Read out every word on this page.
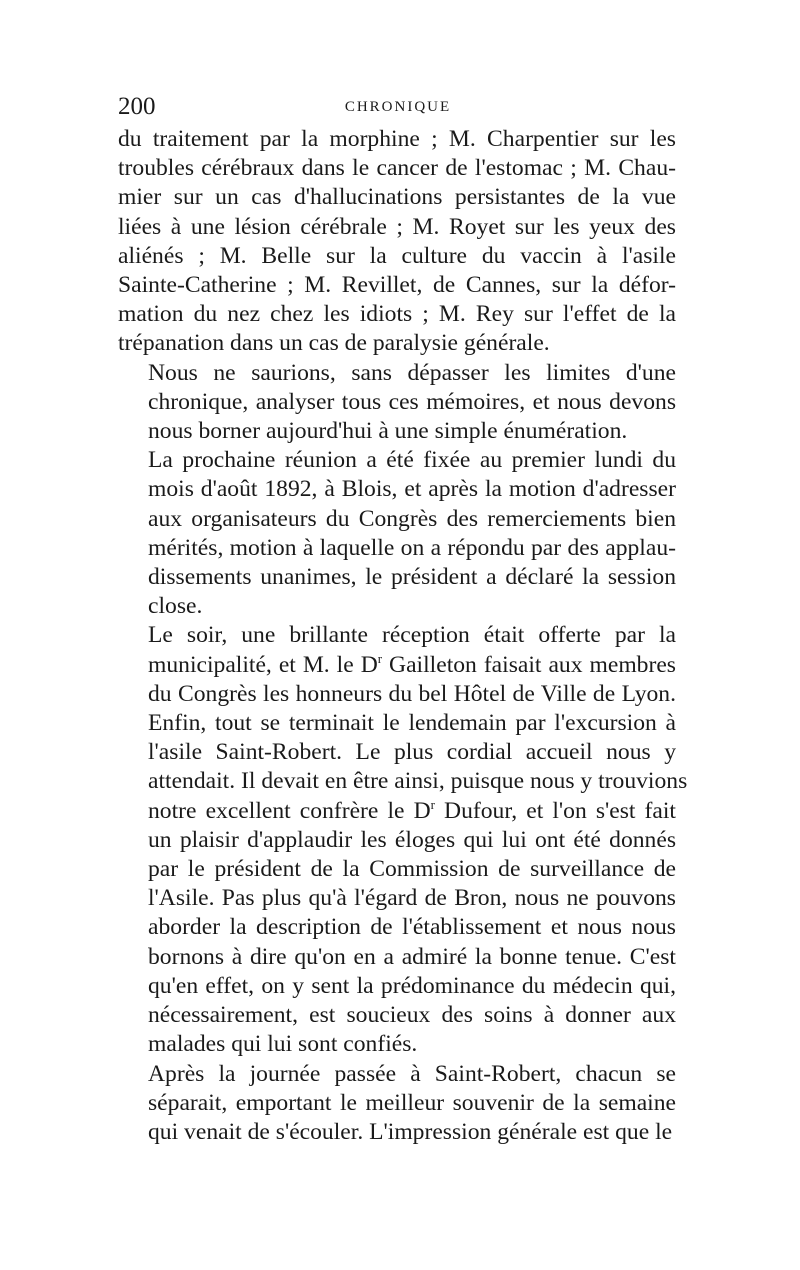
200	CHRONIQUE
du traitement par la morphine ; M. Charpentier sur les
troubles cérébraux dans le cancer de l'estomac ; M. Chau-
mier sur un cas d'hallucinations persistantes de la vue
liées à une lésion cérébrale ; M. Royet sur les yeux des
aliénés ; M. Belle sur la culture du vaccin à l'asile
Sainte-Catherine ; M. Revillet, de Cannes, sur la défor-
mation du nez chez les idiots ; M. Rey sur l'effet de la
trépanation dans un cas de paralysie générale.
Nous ne saurions, sans dépasser les limites d'une
chronique, analyser tous ces mémoires, et nous devons
nous borner aujourd'hui à une simple énumération.
La prochaine réunion a été fixée au premier lundi du
mois d'août 1892, à Blois, et après la motion d'adresser
aux organisateurs du Congrès des remerciements bien
mérités, motion à laquelle on a répondu par des applau-
dissements unanimes, le président a déclaré la session
close.
Le soir, une brillante réception était offerte par la
municipalité, et M. le $D^r$ Gailleton faisait aux membres
du Congrès les honneurs du bel Hôtel de Ville de Lyon.
Enfin, tout se terminait le lendemain par l'excursion à
l'asile Saint-Robert. Le plus cordial accueil nous y
attendait. Il devait en être ainsi, puisque nous y trouvions
notre excellent confrère le $D^r$ Dufour, et l'on s'est fait
un plaisir d'applaudir les éloges qui lui ont été donnés
par le président de la Commission de surveillance de
l'Asile. Pas plus qu'à l'égard de Bron, nous ne pouvons
aborder la description de l'établissement et nous nous
bornons à dire qu'on en a admiré la bonne tenue. C'est
qu'en effet, on y sent la prédominance du médecin qui,
nécessairement, est soucieux des soins à donner aux
malades qui lui sont confiés.
Après la journée passée à Saint-Robert, chacun se
séparait, emportant le meilleur souvenir de la semaine
qui venait de s'écouler. L'impression générale est que le
